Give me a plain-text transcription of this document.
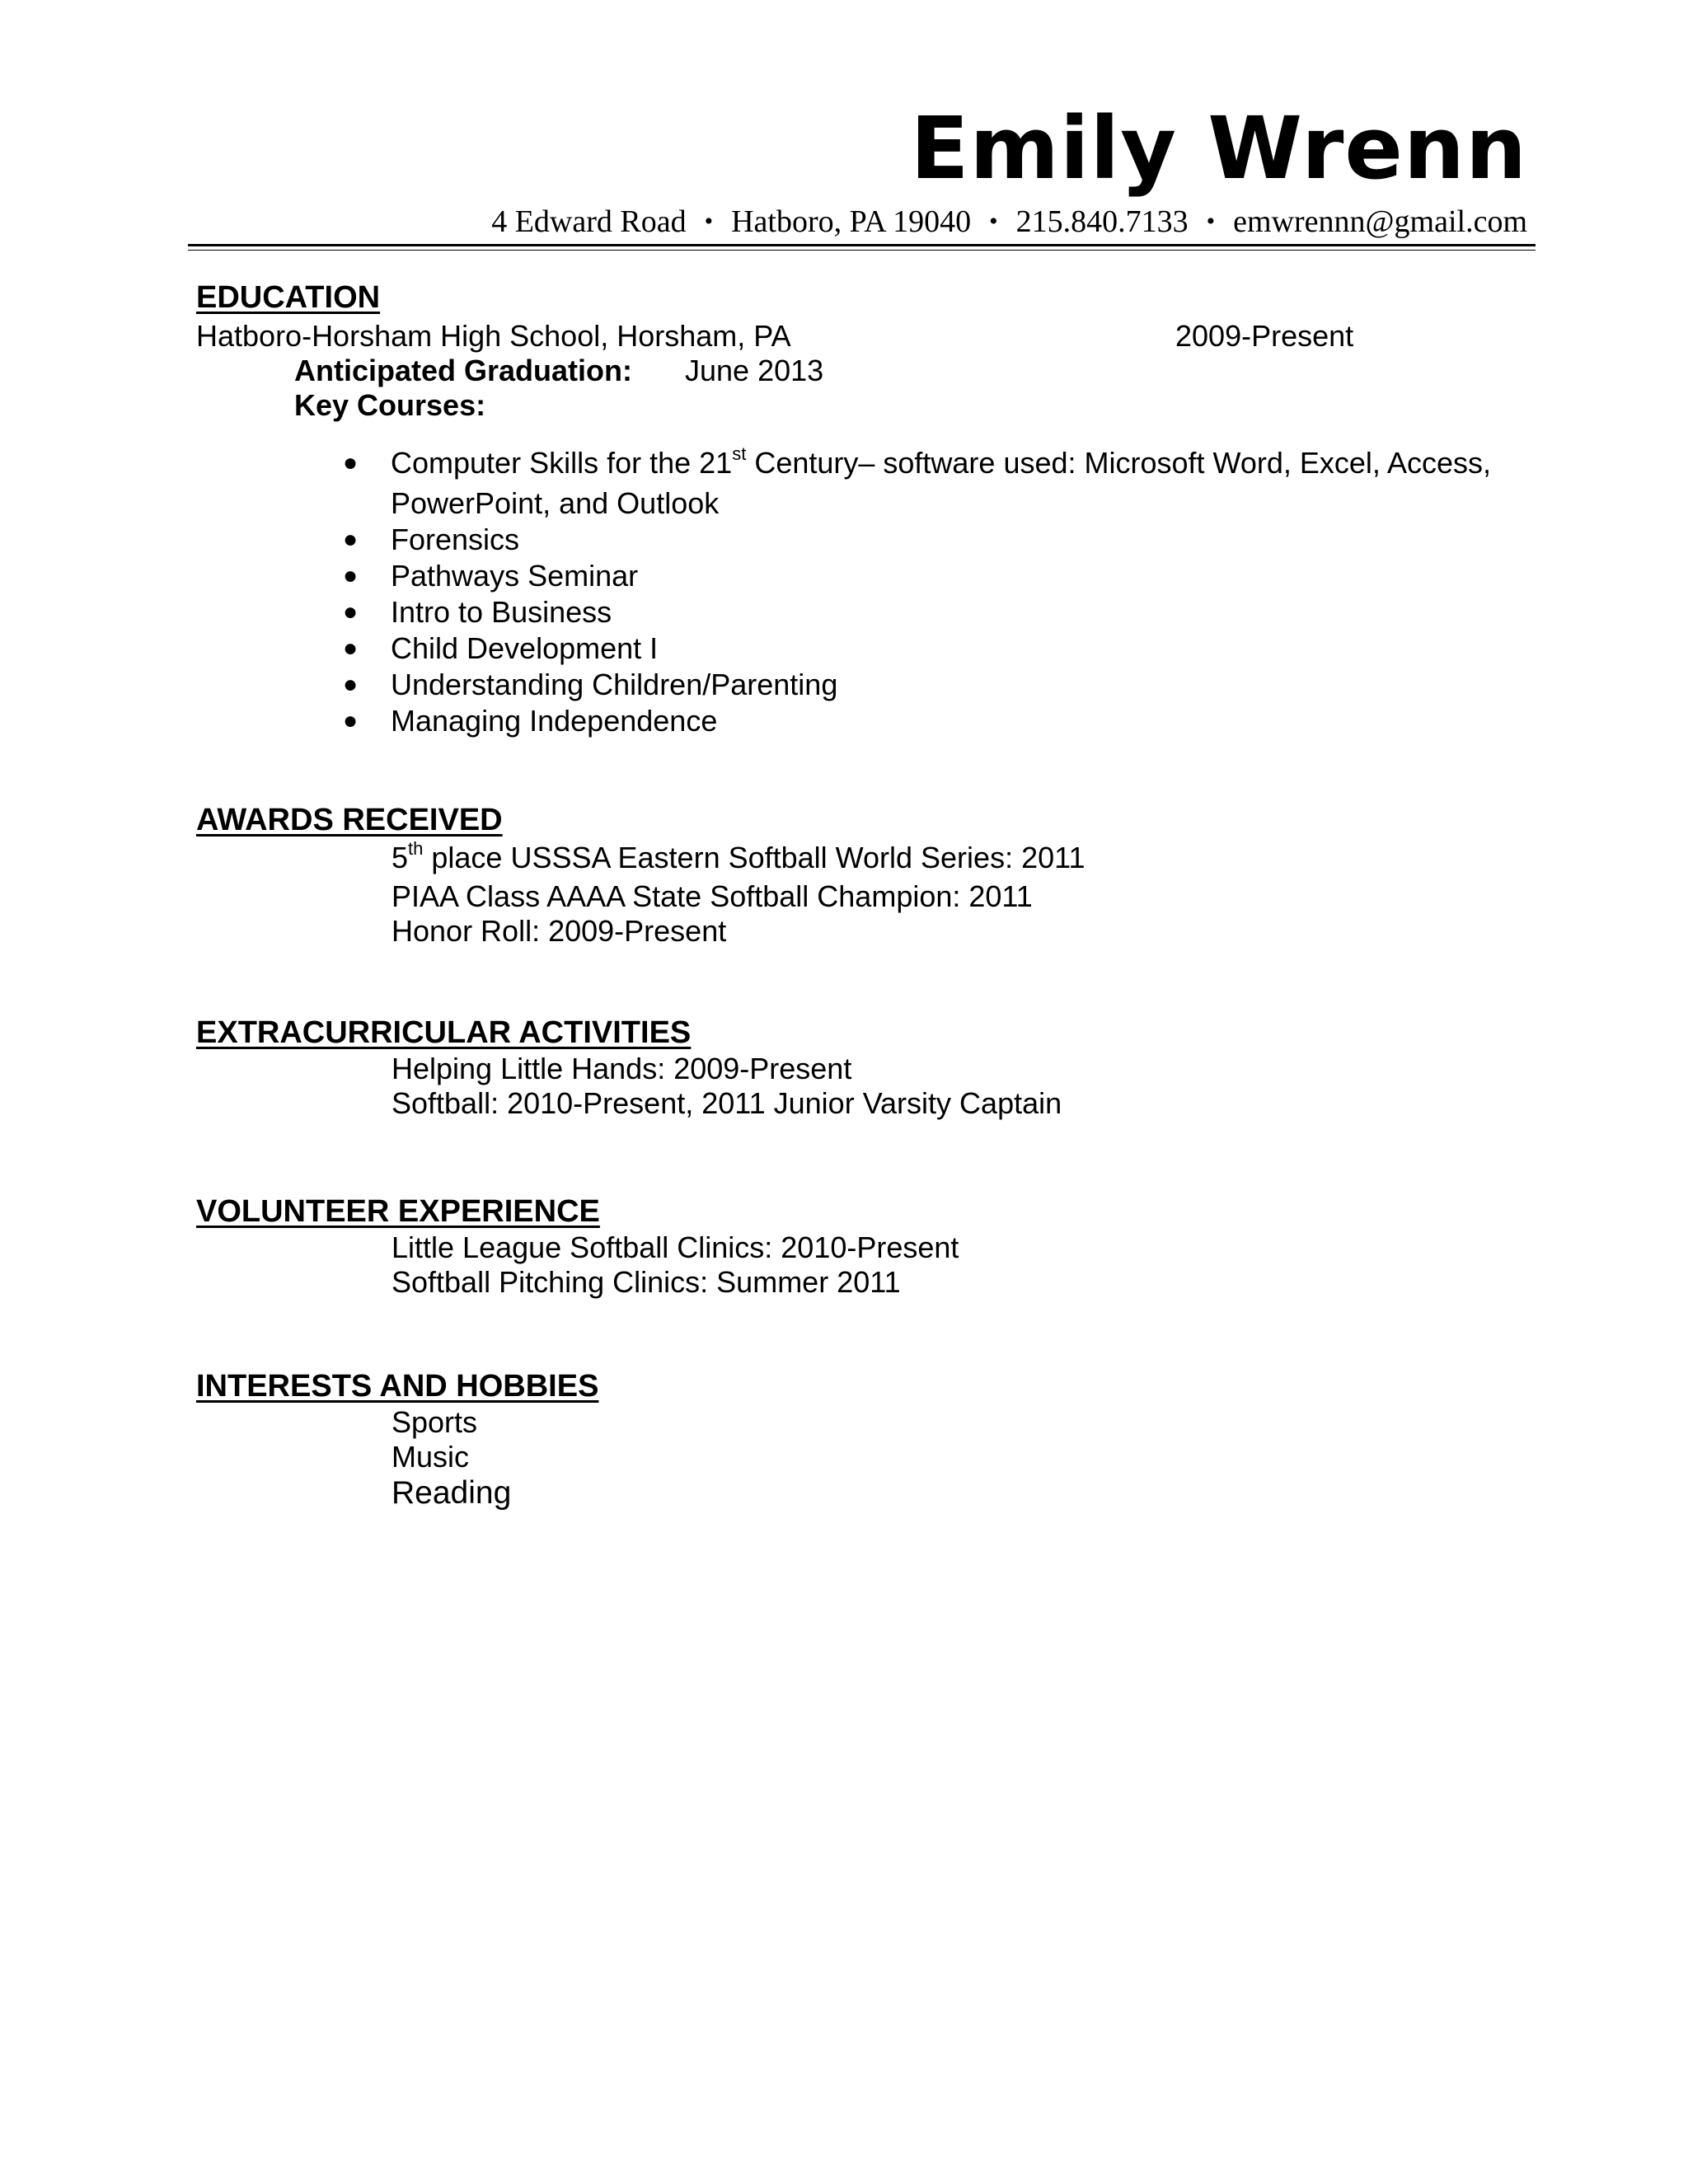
Emily Wrenn
4 Edward Road • Hatboro, PA 19040 • 215.840.7133 • emwrennn@gmail.com
EDUCATION
Hatboro-Horsham High School, Horsham, PA	2009-Present
Anticipated Graduation: June 2013
Key Courses:
● Computer Skills for the 21st Century– software used: Microsoft Word, Excel, Access,
PowerPoint, and Outlook
● Forensics
● Pathways Seminar
● Intro to Business
● Child Development I
● Understanding Children/Parenting
● Managing Independence
AWARDS RECEIVED
5th place USSSA Eastern Softball World Series: 2011
PIAA Class AAAA State Softball Champion: 2011
Honor Roll: 2009-Present
EXTRACURRICULAR ACTIVITIES
Helping Little Hands: 2009-Present
Softball: 2010-Present, 2011 Junior Varsity Captain
VOLUNTEER EXPERIENCE
Little League Softball Clinics: 2010-Present
Softball Pitching Clinics: Summer 2011
INTERESTS AND HOBBIES
Sports
Music
Reading
